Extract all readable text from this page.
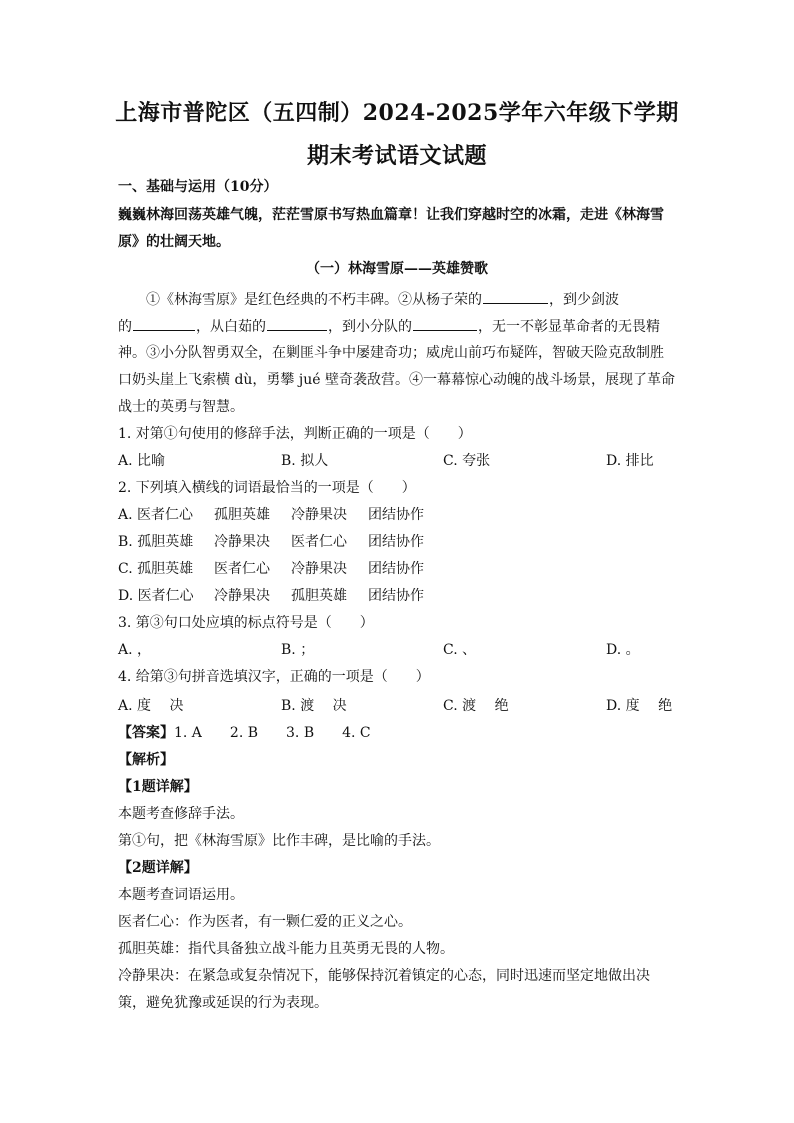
上海市普陀区（五四制）2024-2025学年六年级下学期
期末考试语文试题
一、基础与运用（10分）
巍巍林海回荡英雄气魄，茫茫雪原书写热血篇章！让我们穿越时空的冰霜，走进《林海雪
原》的壮阔天地。
（一）林海雪原——英雄赞歌
①《林海雪原》是红色经典的不朽丰碑。②从杨子荣的	，到少剑波
的	，从白茹的	，到小分队的	，无一不彰显革命者的无畏精
神。③小分队智勇双全，在剿匪斗争中屡建奇功；威虎山前巧布疑阵，智破天险克敌制胜
口奶头崖上飞索横 dù，勇攀 jué 壁奇袭敌营。④一幕幕惊心动魄的战斗场景，展现了革命
战士的英勇与智慧。
1. 对第①句使用的修辞手法，判断正确的一项是（　　）
A. 比喻	B. 拟人	C. 夸张	D. 排比
2. 下列填入横线的词语最恰当的一项是（　　）
A. 医者仁心 孤胆英雄 冷静果决 团结协作
B. 孤胆英雄 冷静果决 医者仁心 团结协作
C. 孤胆英雄 医者仁心 冷静果决 团结协作
D. 医者仁心 冷静果决 孤胆英雄 团结协作
3. 第③句口处应填的标点符号是（　　）
A. ，	B. ；	C. 、	D. 。
4. 给第③句拼音选填汉字，正确的一项是（　　）
A. 度　 决	B. 渡　 决	C. 渡　 绝	D. 度　 绝
【答案】1. A　　2. B　　3. B　　4. C
【解析】
【1题详解】
本题考查修辞手法。
第①句，把《林海雪原》比作丰碑，是比喻的手法。
【2题详解】
本题考查词语运用。
医者仁心：作为医者，有一颗仁爱的正义之心。
孤胆英雄：指代具备独立战斗能力且英勇无畏的人物。
冷静果决：在紧急或复杂情况下，能够保持沉着镇定的心态，同时迅速而坚定地做出决
策，避免犹豫或延误的行为表现。
